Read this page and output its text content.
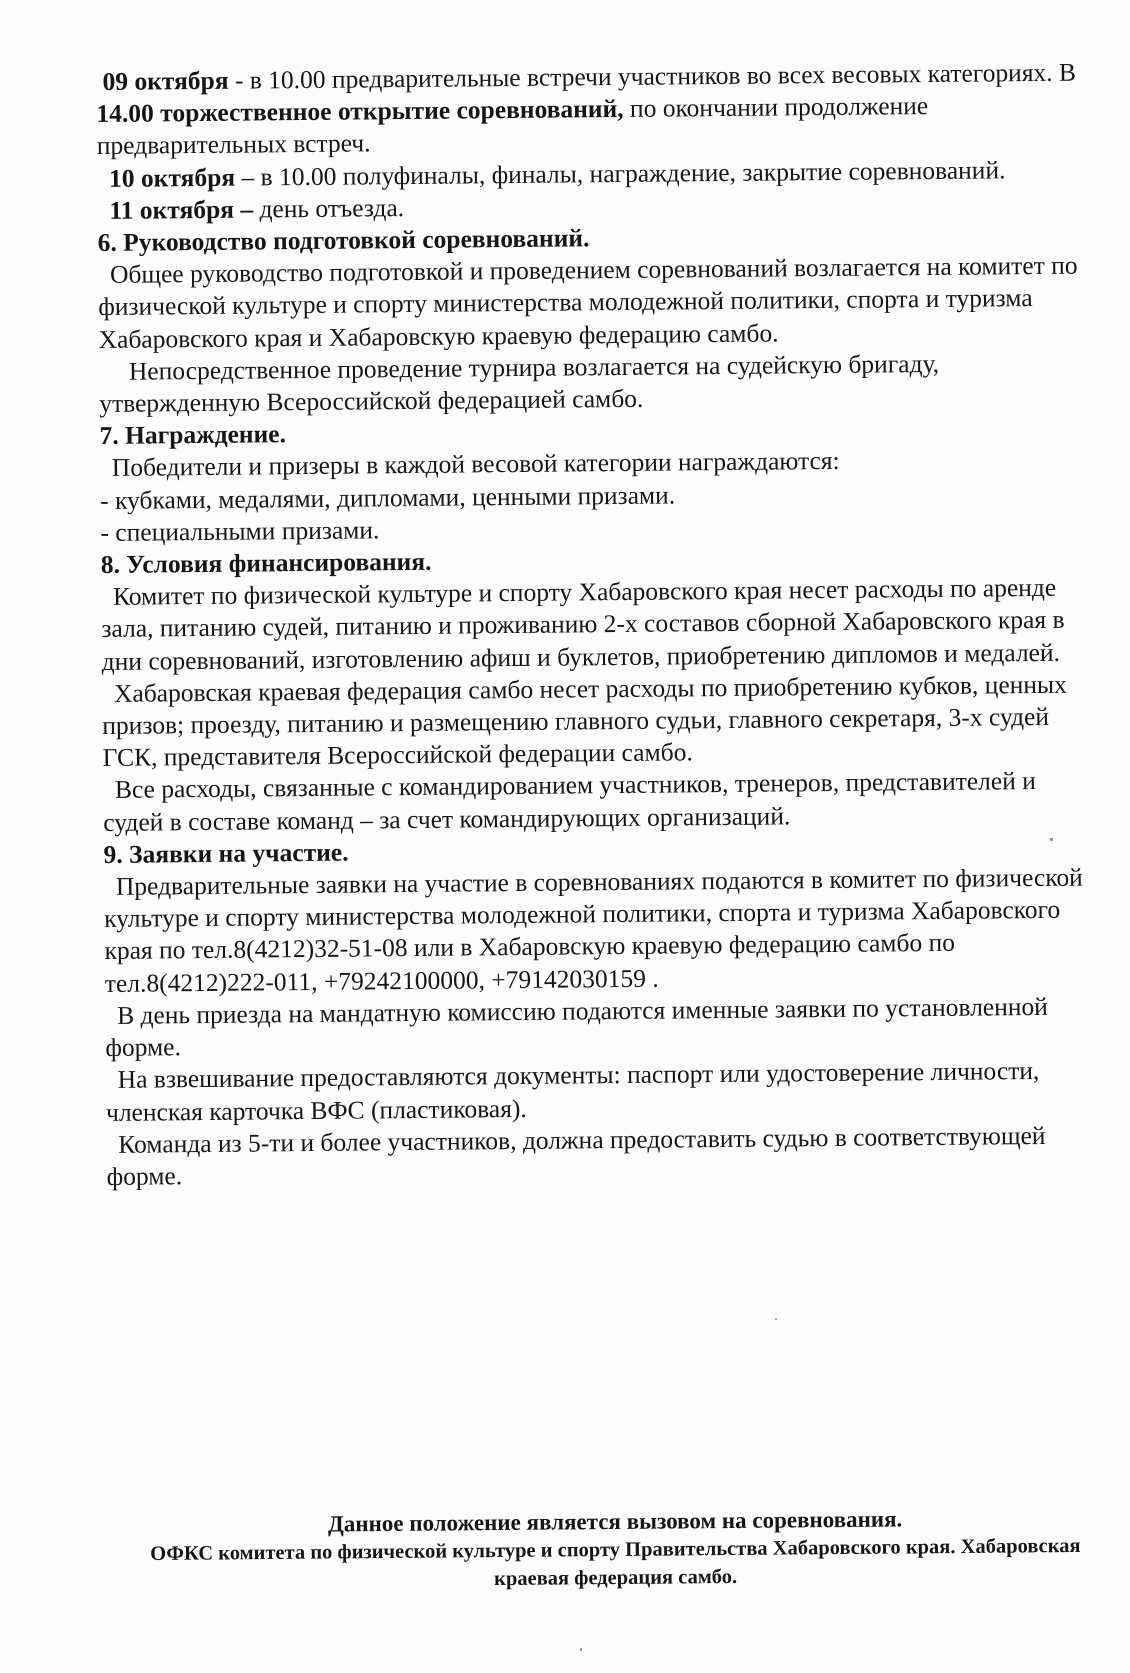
09 октября - в 10.00 предварительные встречи участников во всех весовых категориях. В 14.00 торжественное открытие соревнований, по окончании продолжение предварительных встреч.

10 октября – в 10.00 полуфиналы, финалы, награждение, закрытие соревнований.

11 октября – день отъезда.

6. Руководство подготовкой соревнований.

Общее руководство подготовкой и проведением соревнований возлагается на комитет по физической культуре и спорту министерства молодежной политики, спорта и туризма Хабаровского края и Хабаровскую краевую федерацию самбо.

Непосредственное проведение турнира возлагается на судейскую бригаду, утвержденную Всероссийской федерацией самбо.

7. Награждение.

Победители и призеры в каждой весовой категории награждаются:

- кубками, медалями, дипломами, ценными призами.

- специальными призами.

8. Условия финансирования.

Комитет по физической культуре и спорту Хабаровского края несет расходы по аренде зала, питанию судей, питанию и проживанию 2-х составов сборной Хабаровского края в дни соревнований, изготовлению афиш и буклетов, приобретению дипломов и медалей.

Хабаровская краевая федерация самбо несет расходы по приобретению кубков, ценных призов; проезду, питанию и размещению главного судьи, главного секретаря, 3-х судей ГСК, представителя Всероссийской федерации самбо.

Все расходы, связанные с командированием участников, тренеров, представителей и судей в составе команд – за счет командирующих организаций.

9. Заявки на участие.

Предварительные заявки на участие в соревнованиях подаются в комитет по физической культуре и спорту министерства молодежной политики, спорта и туризма Хабаровского края по тел.8(4212)32-51-08 или в Хабаровскую краевую федерацию самбо по тел.8(4212)222-011, +79242100000, +79142030159 .

В день приезда на мандатную комиссию подаются именные заявки по установленной форме.

На взвешивание предоставляются документы: паспорт или удостоверение личности, членская карточка ВФС (пластиковая).

Команда из 5-ти и более участников, должна предоставить судью в соответствующей форме.

Данное положение является вызовом на соревнования.
ОФКС комитета по физической культуре и спорту Правительства Хабаровского края. Хабаровская краевая федерация самбо.
